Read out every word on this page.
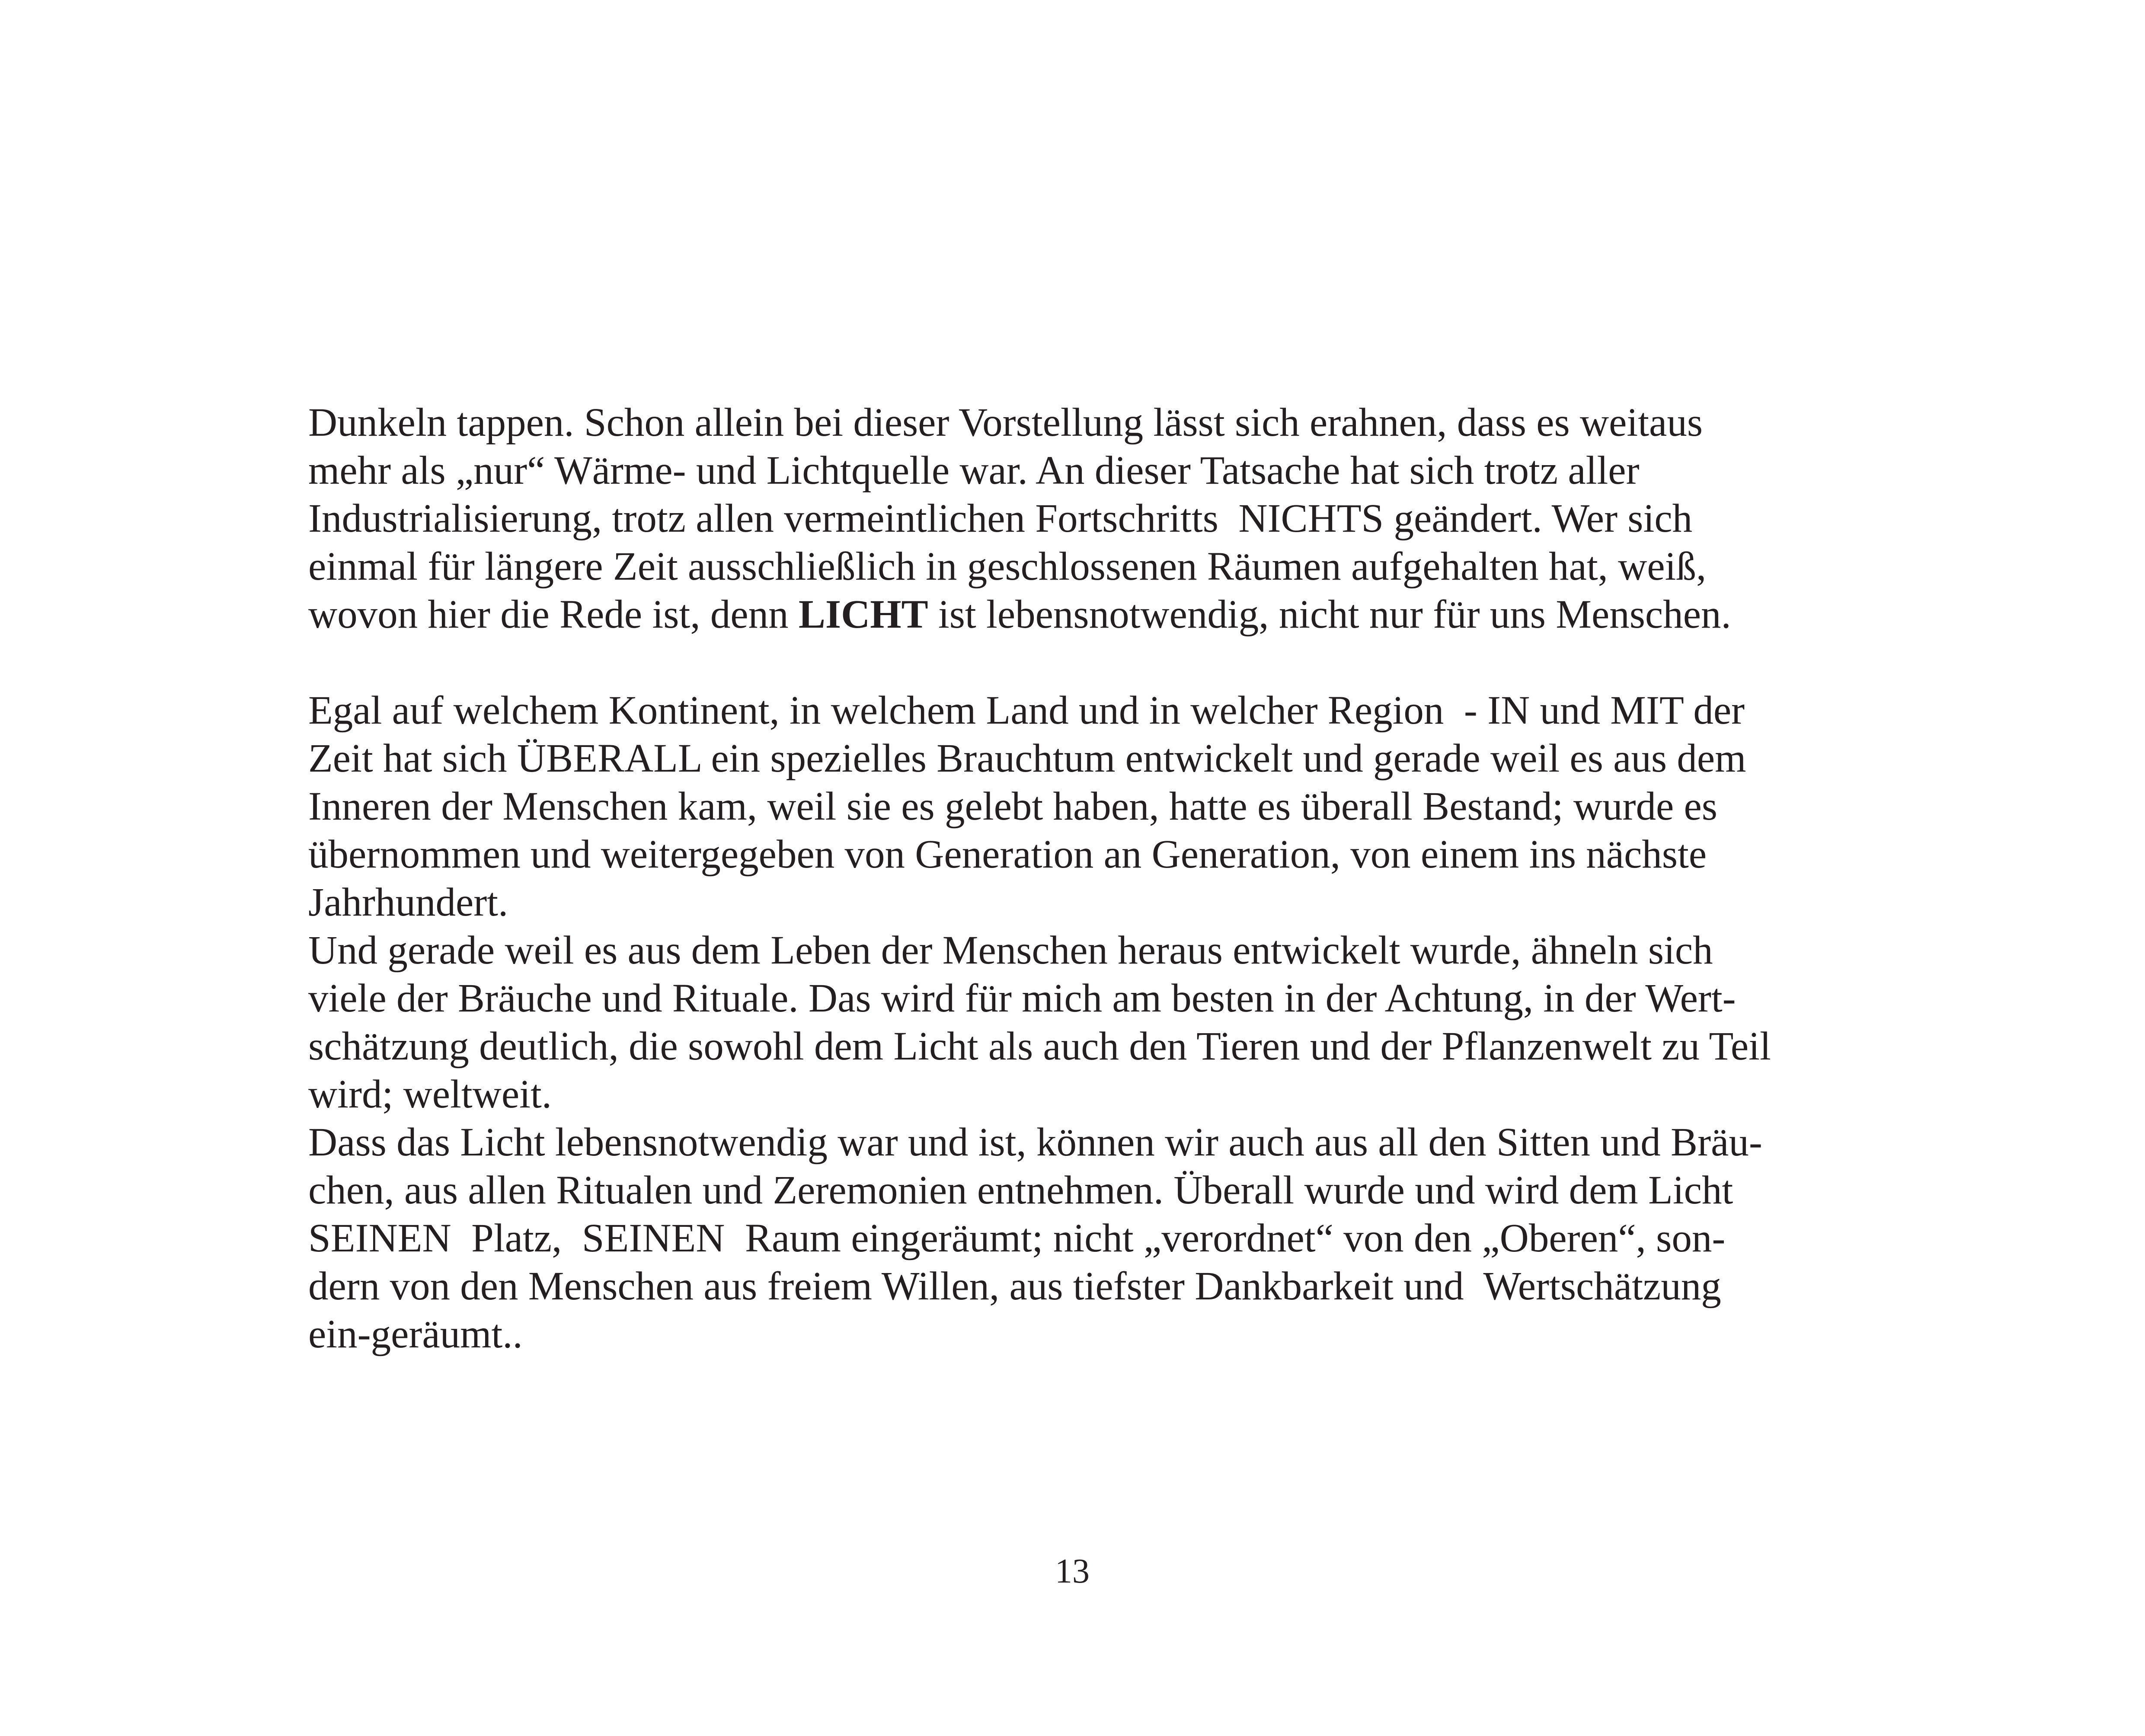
Dunkeln tappen. Schon allein bei dieser Vorstellung lässt sich erahnen, dass es weitaus
mehr als „nur“ Wärme- und Lichtquelle war. An dieser Tatsache hat sich trotz aller
Industrialisierung, trotz allen vermeintlichen Fortschritts  NICHTS geändert. Wer sich
einmal für längere Zeit ausschließlich in geschlossenen Räumen aufgehalten hat, weiß,
wovon hier die Rede ist, denn LICHT ist lebensnotwendig, nicht nur für uns Menschen.
Egal auf welchem Kontinent, in welchem Land und in welcher Region  - IN und MIT der
Zeit hat sich ÜBERALL ein spezielles Brauchtum entwickelt und gerade weil es aus dem
Inneren der Menschen kam, weil sie es gelebt haben, hatte es überall Bestand; wurde es
übernommen und weitergegeben von Generation an Generation, von einem ins nächste
Jahrhundert.
Und gerade weil es aus dem Leben der Menschen heraus entwickelt wurde, ähneln sich
viele der Bräuche und Rituale. Das wird für mich am besten in der Achtung, in der Wert-
schätzung deutlich, die sowohl dem Licht als auch den Tieren und der Pflanzenwelt zu Teil
wird; weltweit.
Dass das Licht lebensnotwendig war und ist, können wir auch aus all den Sitten und Bräu-
chen, aus allen Ritualen und Zeremonien entnehmen. Überall wurde und wird dem Licht
SEINEN  Platz,  SEINEN  Raum eingeräumt; nicht „verordnet“ von den „Oberen“, son-
dern von den Menschen aus freiem Willen, aus tiefster Dankbarkeit und  Wertschätzung
ein-geräumt..
13
